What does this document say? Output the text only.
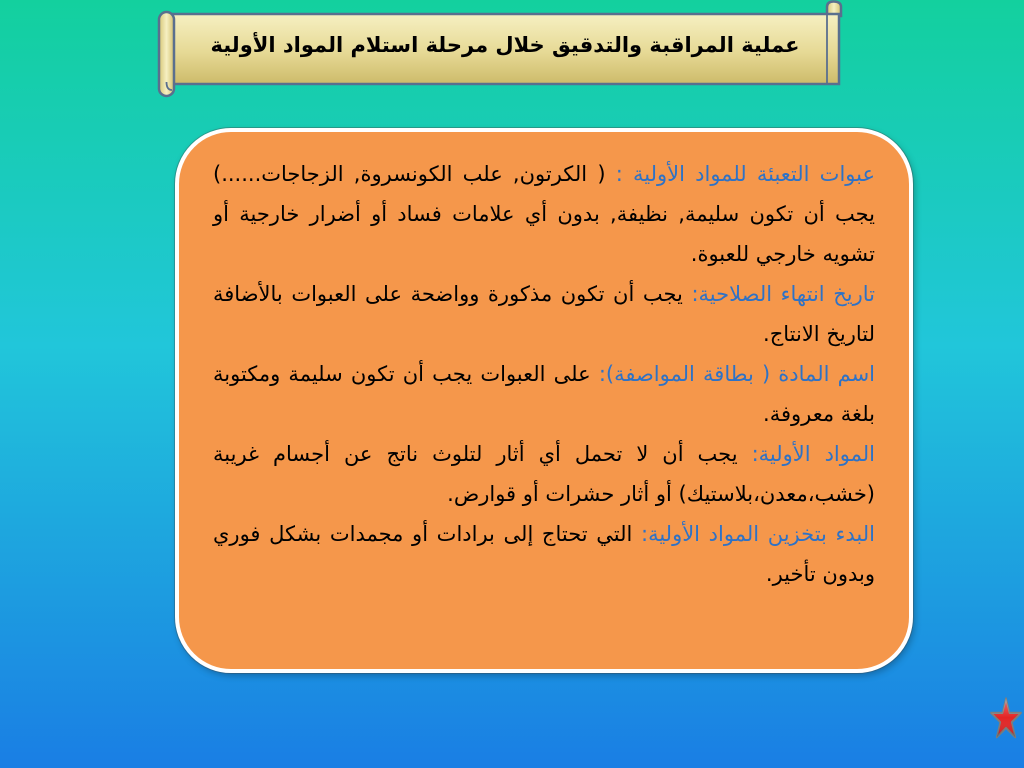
عملية المراقبة والتدقيق خلال مرحلة استلام المواد الأولية

عبوات التعبئة للمواد الأولية : ( الكرتون, علب الكونسروة, الزجاجات......) يجب أن تكون سليمة, نظيفة, بدون أي علامات فساد أو أضرار خارجية أو تشويه خارجي للعبوة.

تاريخ انتهاء الصلاحية: يجب أن تكون مذكورة وواضحة على العبوات بالأضافة لتاريخ الانتاج.

اسم المادة ( بطاقة المواصفة): على العبوات يجب أن تكون سليمة ومكتوبة بلغة معروفة.

المواد الأولية: يجب أن لا تحمل أي أثار لتلوث ناتج عن أجسام غريبة (خشب،معدن،بلاستيك) أو أثار حشرات أو قوارض.

البدء بتخزين المواد الأولية: التي تحتاج إلى برادات أو مجمدات بشكل فوري وبدون تأخير.
